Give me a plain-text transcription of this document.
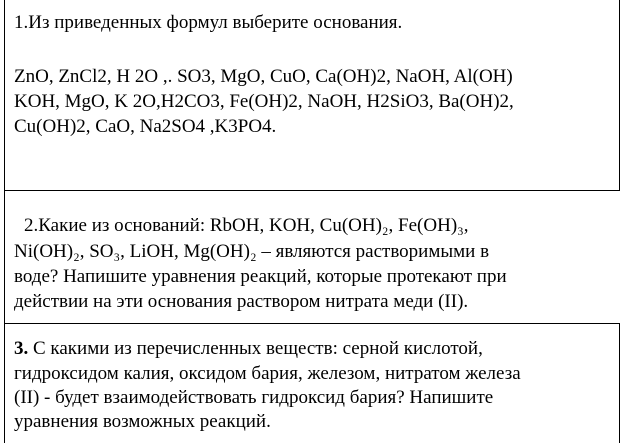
1.Из приведенных формул выберите основания.
ZnO, ZnCl2, H 2O ,. SO3, MgO, CuO, Ca(OH)2, NaOH, Al(OH)
KOH, MgO, K 2O,H2CO3, Fe(OH)2, NaOH, H2SiO3, Ba(OH)2,
Cu(OH)2, CaO, Na2SO4 ,K3PO4.
2.Какие из оснований: RbOH, KOH, Cu(OH)₂, Fe(OH)₃,
Ni(OH)₂, SO₃, LiOH, Mg(OH)₂ – являются растворимыми в
воде? Напишите уравнения реакций, которые протекают при
действии на эти основания раствором нитрата меди (II).
3. С какими из перечисленных веществ: серной кислотой,
гидроксидом калия, оксидом бария, железом, нитратом железа
(II) - будет взаимодействовать гидроксид бария? Напишите
уравнения возможных реакций.
